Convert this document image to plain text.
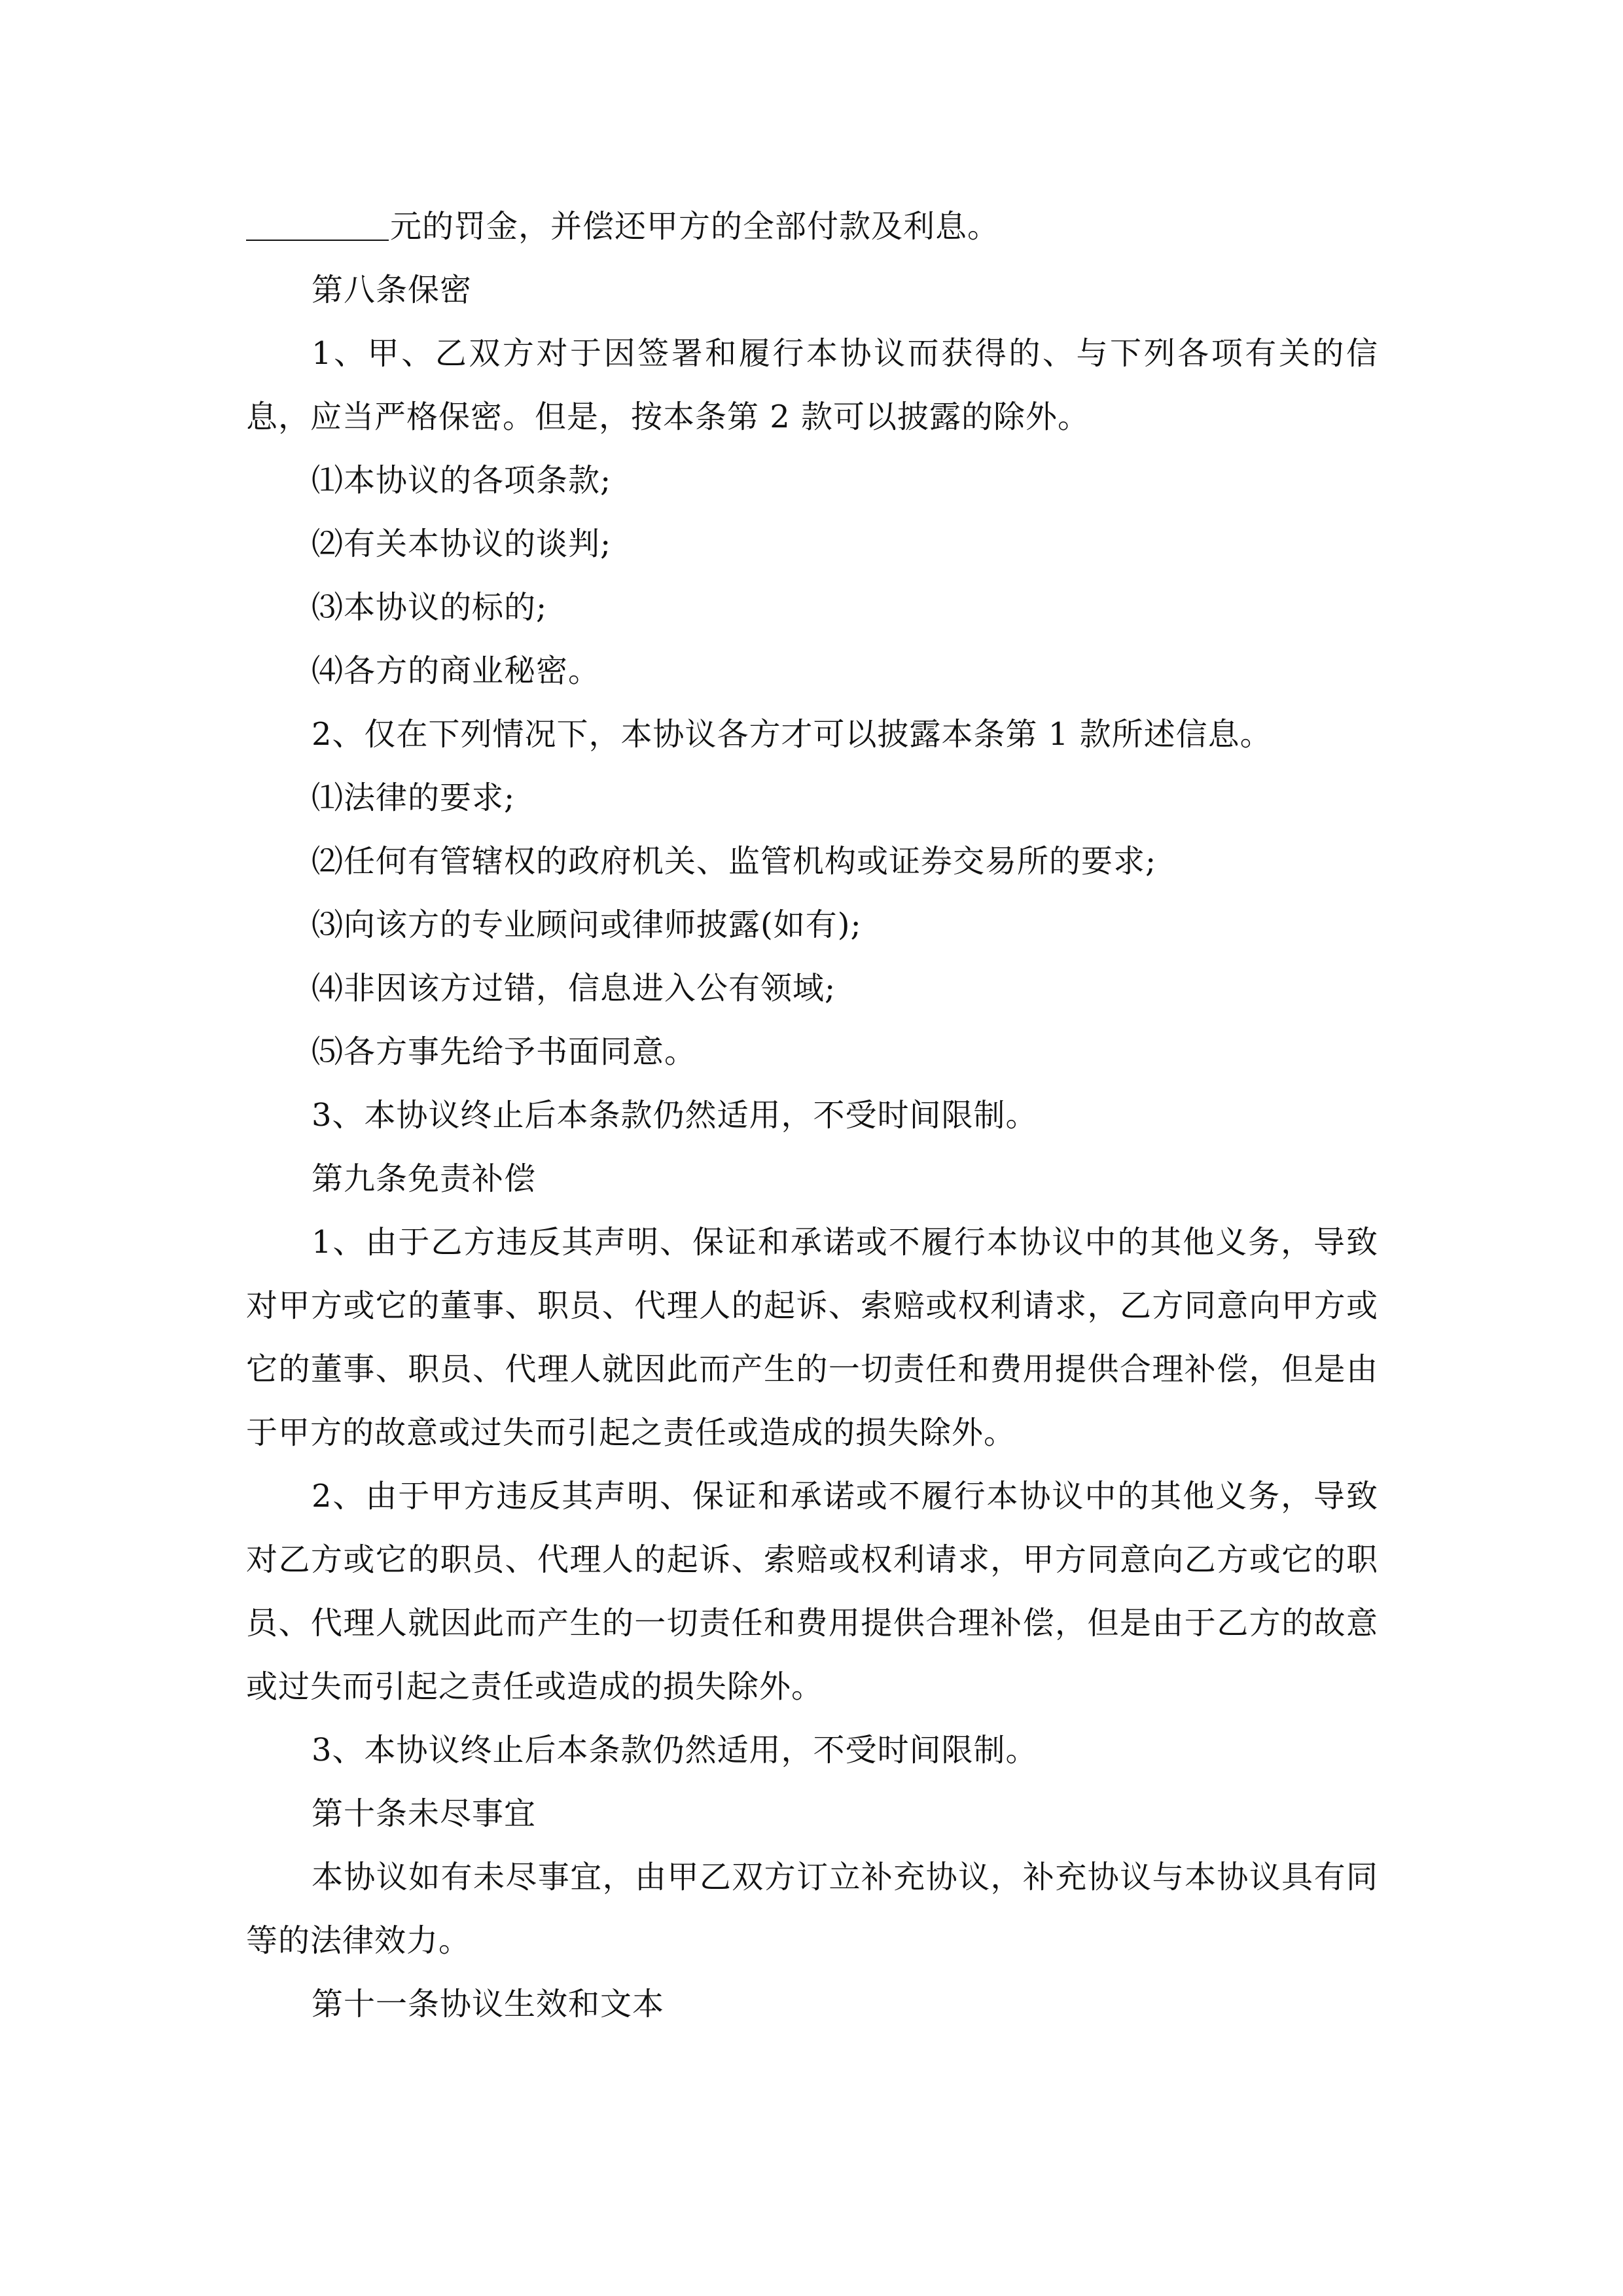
元的罚金，并偿还甲方的全部付款及利息。

第八条保密

1、甲、乙双方对于因签署和履行本协议而获得的、与下列各项有关的信息，应当严格保密。但是，按本条第 2 款可以披露的除外。

⑴本协议的各项条款;

⑵有关本协议的谈判;

⑶本协议的标的;

⑷各方的商业秘密。

2、仅在下列情况下，本协议各方才可以披露本条第 1 款所述信息。

⑴法律的要求;

⑵任何有管辖权的政府机关、监管机构或证券交易所的要求;

⑶向该方的专业顾问或律师披露(如有);

⑷非因该方过错，信息进入公有领域;

⑸各方事先给予书面同意。

3、本协议终止后本条款仍然适用，不受时间限制。

第九条免责补偿

1、由于乙方违反其声明、保证和承诺或不履行本协议中的其他义务，导致对甲方或它的董事、职员、代理人的起诉、索赔或权利请求，乙方同意向甲方或它的董事、职员、代理人就因此而产生的一切责任和费用提供合理补偿，但是由于甲方的故意或过失而引起之责任或造成的损失除外。

2、由于甲方违反其声明、保证和承诺或不履行本协议中的其他义务，导致对乙方或它的职员、代理人的起诉、索赔或权利请求，甲方同意向乙方或它的职员、代理人就因此而产生的一切责任和费用提供合理补偿，但是由于乙方的故意或过失而引起之责任或造成的损失除外。

3、本协议终止后本条款仍然适用，不受时间限制。

第十条未尽事宜

本协议如有未尽事宜，由甲乙双方订立补充协议，补充协议与本协议具有同等的法律效力。

第十一条协议生效和文本
